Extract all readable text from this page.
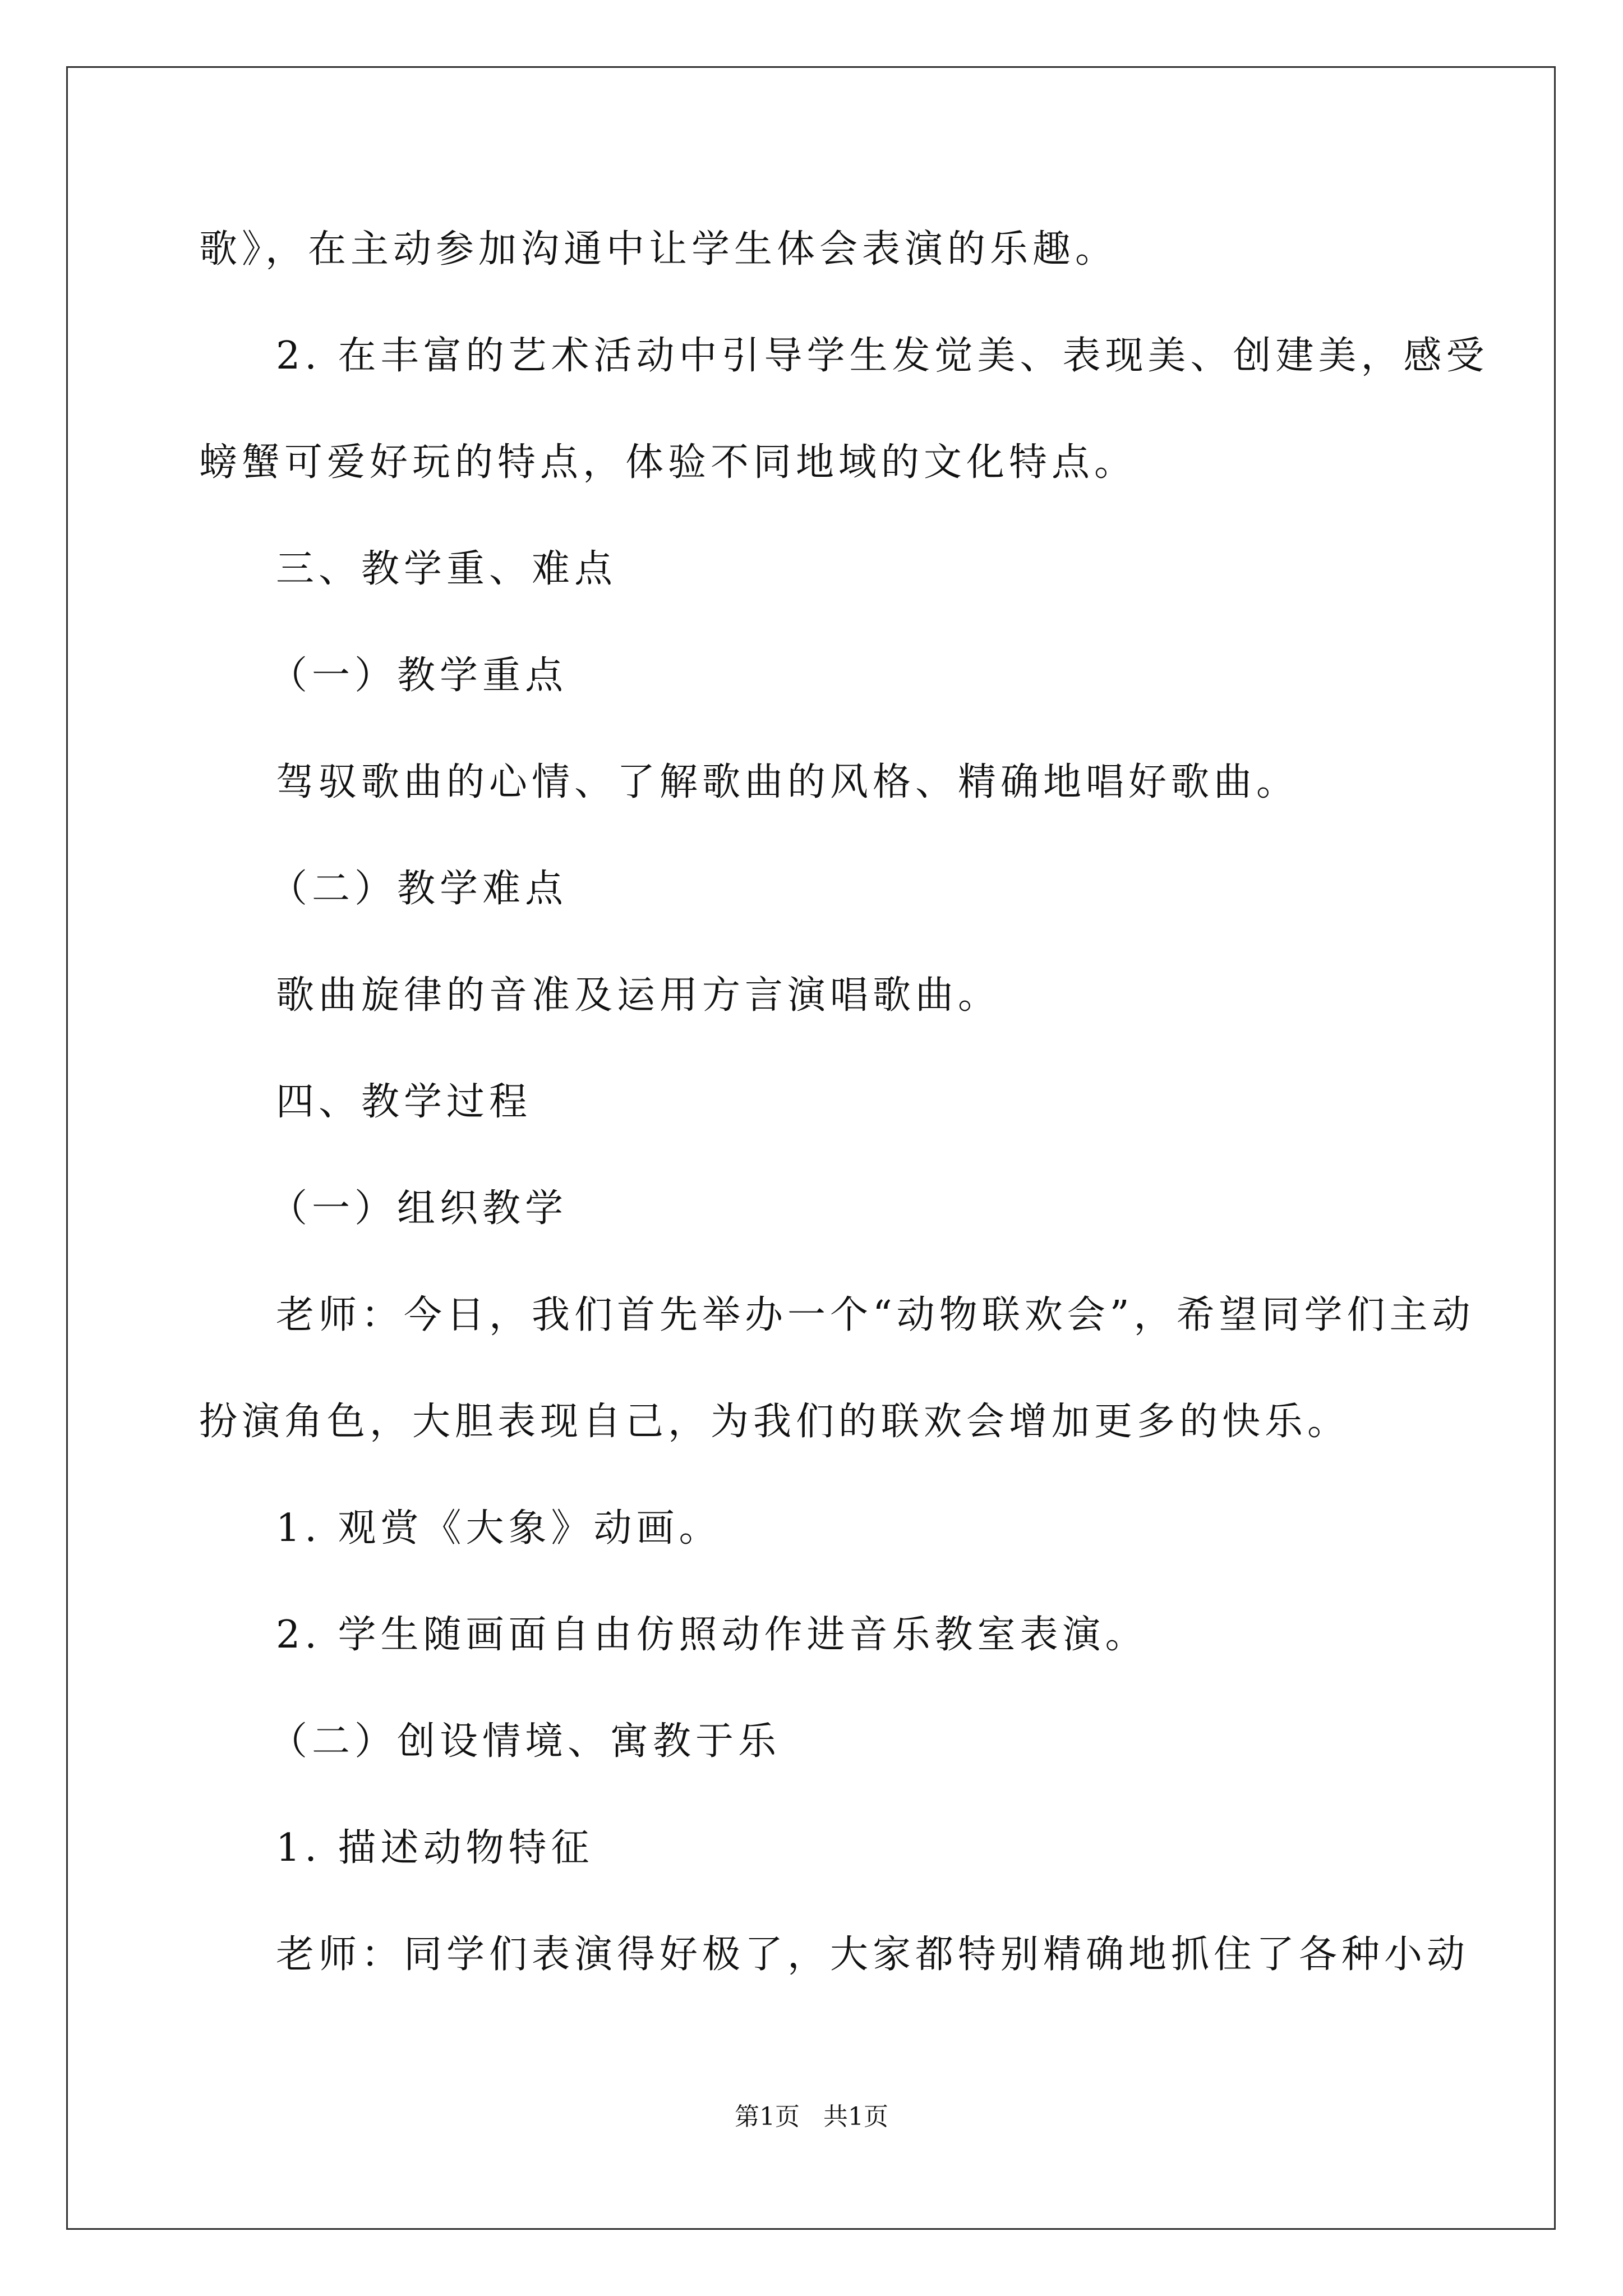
歌》，在主动参加沟通中让学生体会表演的乐趣。
2. 在丰富的艺术活动中引导学生发觉美、表现美、创建美，感受
螃蟹可爱好玩的特点，体验不同地域的文化特点。
三、教学重、难点
（一）教学重点
驾驭歌曲的心情、了解歌曲的风格、精确地唱好歌曲。
（二）教学难点
歌曲旋律的音准及运用方言演唱歌曲。
四、教学过程
（一）组织教学
老师：今日，我们首先举办一个“动物联欢会”，希望同学们主动
扮演角色，大胆表现自己，为我们的联欢会增加更多的快乐。
1. 观赏《大象》动画。
2. 学生随画面自由仿照动作进音乐教室表演。
（二）创设情境、寓教于乐
1. 描述动物特征
老师：同学们表演得好极了，大家都特别精确地抓住了各种小动
第1页 共1页
